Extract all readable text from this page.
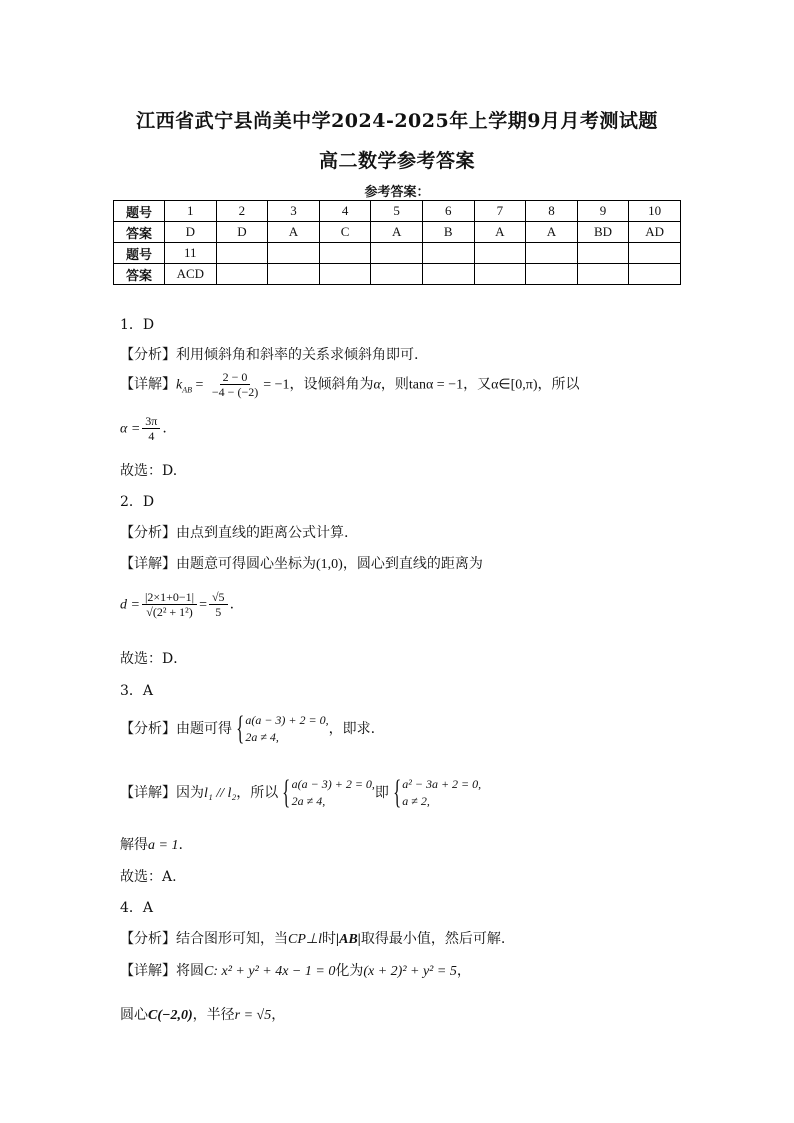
江西省武宁县尚美中学2024-2025年上学期9月月考测试题
高二数学参考答案
参考答案：
题号	1	2	3	4	5	6	7	8	9	10
答案	D	D	A	C	A	B	A	A	BD	AD
题号	11									
答案	ACD									
1．D
【分析】利用倾斜角和斜率的关系求倾斜角即可.
【详解】$k_{AB} = \frac{2 - 0}{-4 - (-2)} = -1$，设倾斜角为α，则tanα = −1，又α∈[0,π)，所以
$\alpha = \frac{3\pi}{4}$ .
故选：D.
2．D
【分析】由点到直线的距离公式计算.
【详解】由题意可得圆心坐标为(1,0)，圆心到直线的距离为
$d = \frac{|2\times 1+0-1|}{\text{√(2² + 1²)}} = \frac{√5}{5}$ .
故选：D．
3．A
【分析】由题可得 { a(a − 3) + 2 = 0,
2a ≠ 4,	，即求.
【详解】因为l₁ // l₂，所以 { a(a − 3) + 2 = 0,
2a ≠ 4,	即 { a² − 3a + 2 = 0,
a ≠ 2,
解得a = 1.
故选：A.
4．A
【分析】结合图形可知，当CP⊥l时|AB|取得最小值，然后可解.
【详解】将圆C: x² + y² + 4x − 1 = 0化为(x + 2)² + y² = 5，
圆心C(−2,0)，半径r = √5，
